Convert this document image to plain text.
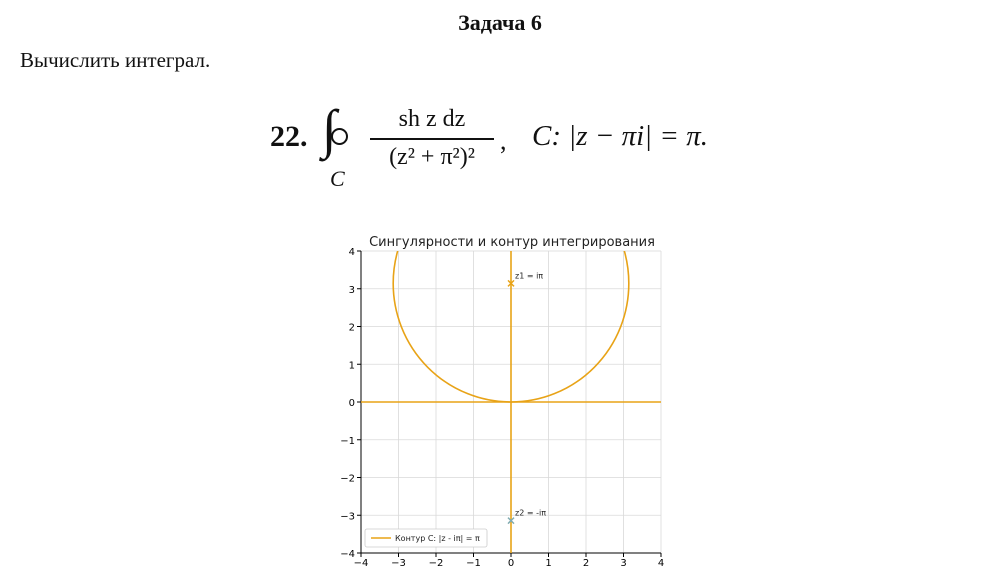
Задача 6
Вычислить интеграл.
22. ∫
C
sh z dz
(z² + π²)²
, C: |z − πi| = π.
−4 −3 −2 −1	0	1	2	3	4
−4
−3
−2
−1
0
1
2
3
4
z1 = iπ
z2 = -iπ
Контур C: |z - iπ| = π
Сингулярности и контур интегрирования
